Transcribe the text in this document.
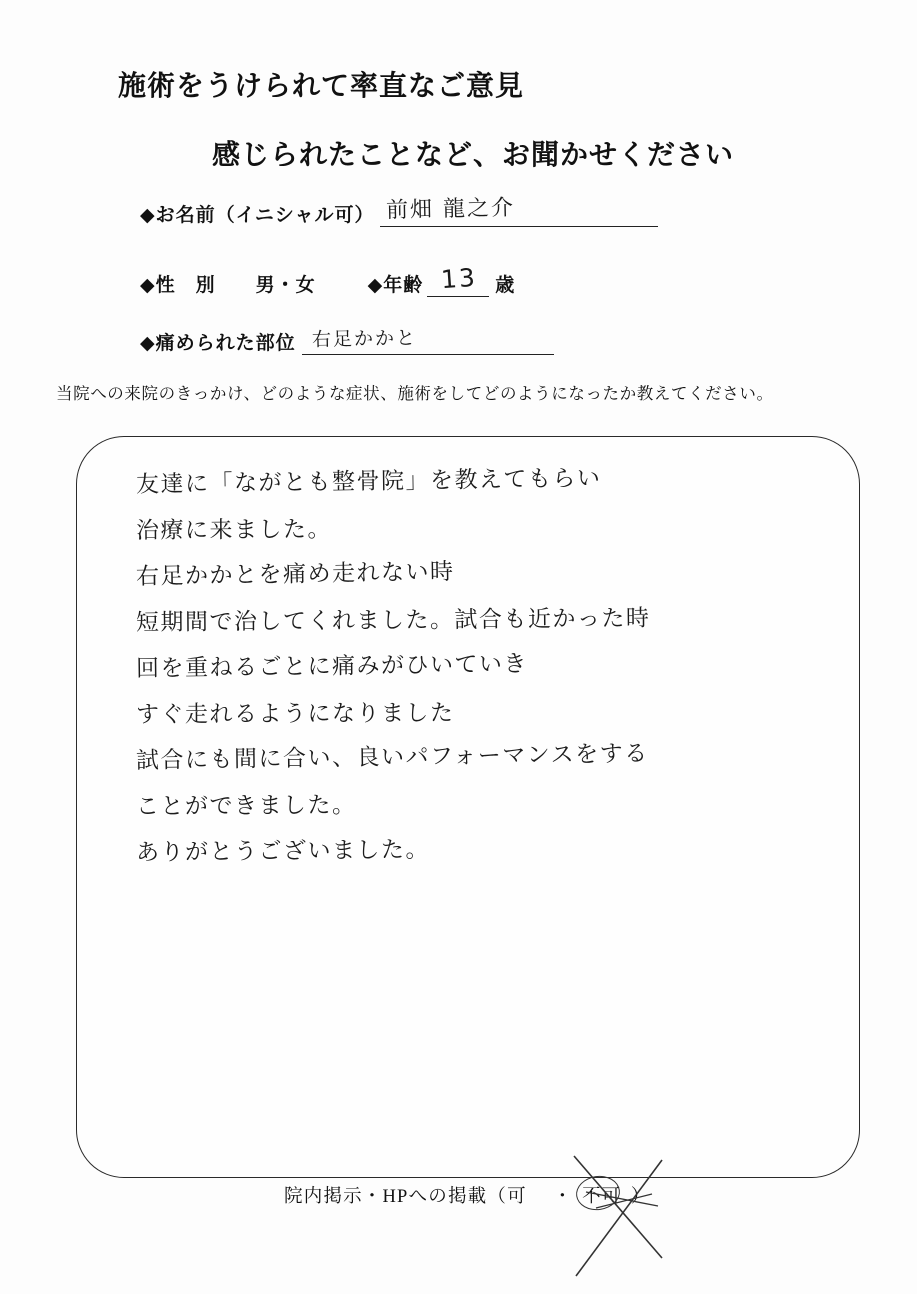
施術をうけられて率直なご意見
感じられたことなど、お聞かせください
◆お名前（イニシャル可） 前畑 龍之介
◆性　別　　男・女	◆年齢 13 歳
◆痛められた部位 右足かかと
当院への来院のきっかけ、どのような症状、施術をしてどのようになったか教えてください。
友達に「ながとも整骨院」を教えてもらい
治療に来ました。
右足かかとを痛め走れない時
短期間で治してくれました。試合も近かった時
回を重ねるごとに痛みがひいていき
すぐ走れるようになりました
試合にも間に合い、良いパフォーマンスをする
ことができました。
ありがとうございました。
院内掲示・HPへの掲載（ 可	・ 不可 ）
